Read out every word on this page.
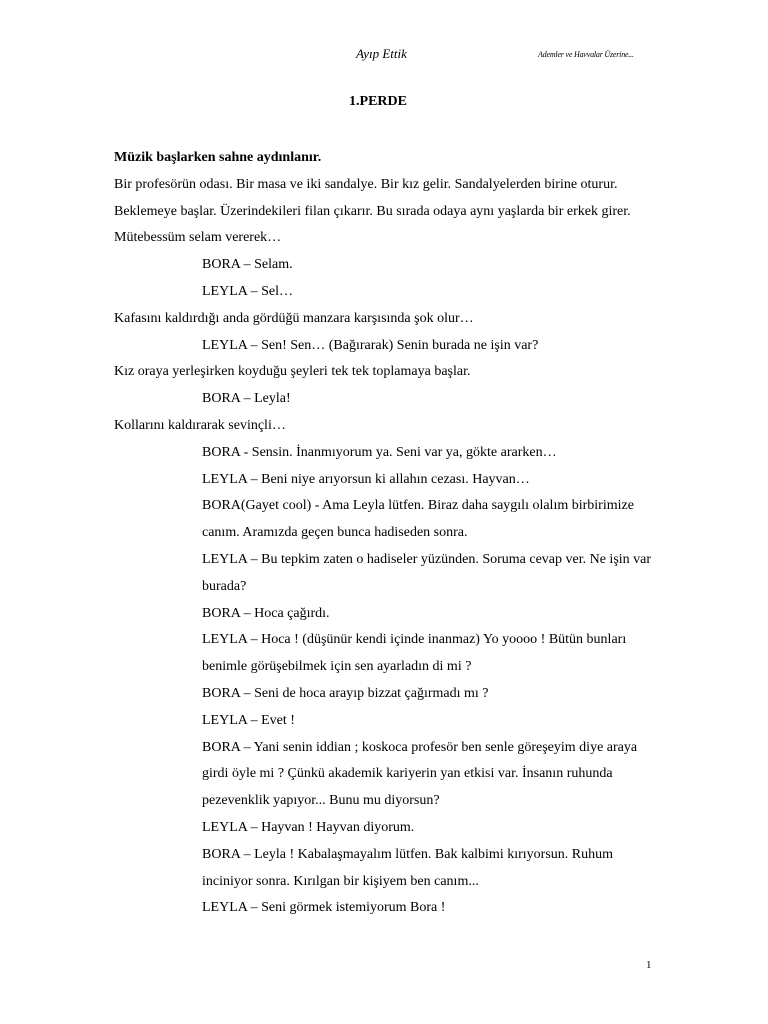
Ayıp Ettik	Ademler ve Havvalar Üzerine...
1.PERDE

Müzik başlarken sahne aydınlanır.

Bir profesörün odası. Bir masa ve iki sandalye. Bir kız gelir. Sandalyelerden birine oturur. Beklemeye başlar. Üzerindekileri filan çıkarır. Bu sırada odaya aynı yaşlarda bir erkek girer. Mütebessüm selam vererek…

BORA – Selam.

LEYLA – Sel…

Kafasını kaldırdığı anda gördüğü manzara karşısında şok olur…

LEYLA – Sen! Sen… (Bağırarak) Senin burada ne işin var?

Kız oraya yerleşirken koyduğu şeyleri tek tek toplamaya başlar.

BORA – Leyla!

Kollarını kaldırarak sevinçli…

BORA - Sensin. İnanmıyorum ya. Seni var ya, gökte ararken…

LEYLA – Beni niye arıyorsun ki allahın cezası. Hayvan…

BORA(Gayet cool) - Ama Leyla lütfen. Biraz daha saygılı olalım birbirimize canım. Aramızda geçen bunca hadiseden sonra.

LEYLA – Bu tepkim zaten o hadiseler yüzünden. Soruma cevap ver. Ne işin var burada?

BORA – Hoca çağırdı.

LEYLA – Hoca ! (düşünür kendi içinde inanmaz) Yo yoooo ! Bütün bunları benimle görüşebilmek için sen ayarladın di mi ?

BORA – Seni de hoca arayıp bizzat çağırmadı mı ?

LEYLA – Evet !

BORA – Yani senin iddian ; koskoca profesör ben senle göreşeyim diye araya girdi öyle mi ? Çünkü akademik kariyerin yan etkisi var. İnsanın ruhunda pezevenklik yapıyor... Bunu mu diyorsun?

LEYLA – Hayvan ! Hayvan diyorum.

BORA – Leyla ! Kabalaşmayalım lütfen. Bak kalbimi kırıyorsun. Ruhum inciniyor sonra. Kırılgan bir kişiyem ben canım...

LEYLA – Seni görmek istemiyorum Bora !

1
